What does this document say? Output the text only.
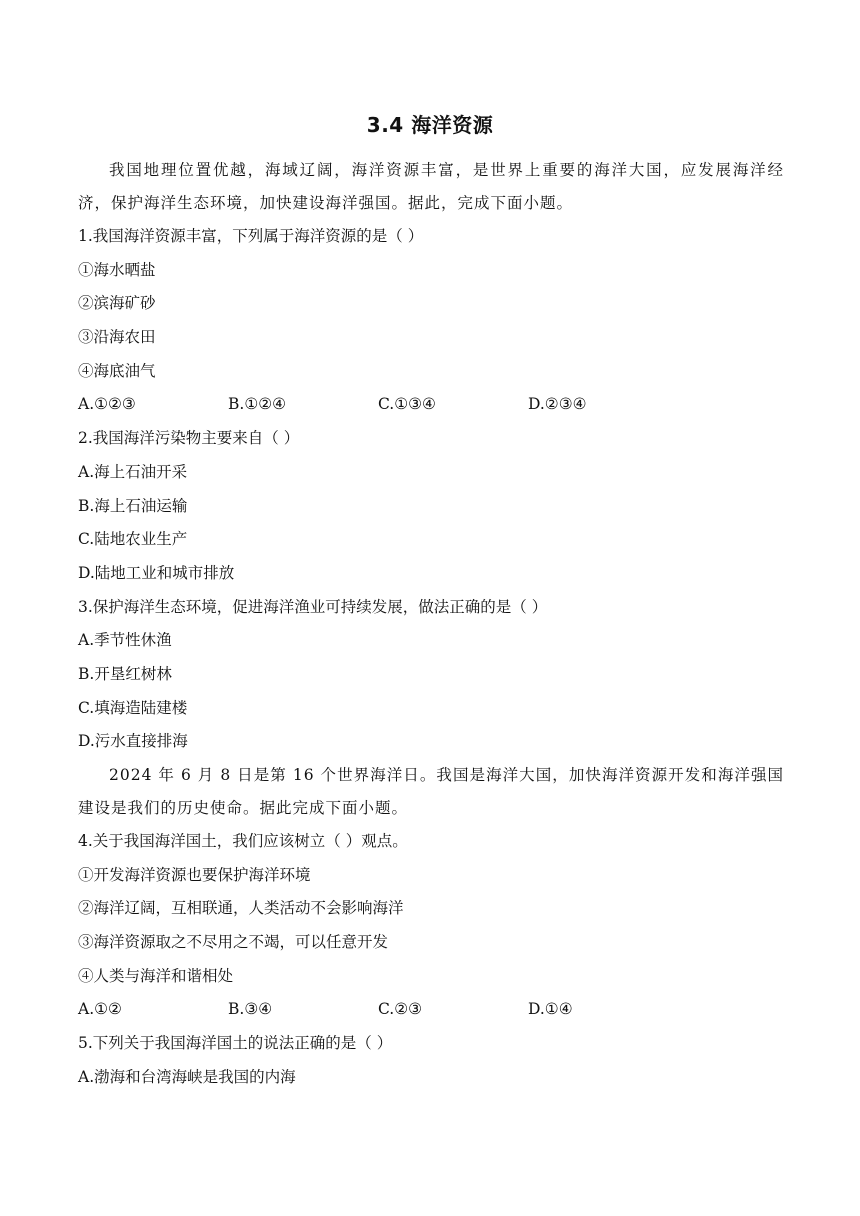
3.4 海洋资源

我国地理位置优越，海域辽阔，海洋资源丰富，是世界上重要的海洋大国，应发展海洋经济，保护海洋生态环境，加快建设海洋强国。据此，完成下面小题。

1.我国海洋资源丰富，下列属于海洋资源的是（ ）
①海水晒盐
②滨海矿砂
③沿海农田
④海底油气
A.①②③	B.①②④	C.①③④	D.②③④
2.我国海洋污染物主要来自（ ）
A.海上石油开采
B.海上石油运输
C.陆地农业生产
D.陆地工业和城市排放
3.保护海洋生态环境，促进海洋渔业可持续发展，做法正确的是（ ）
A.季节性休渔
B.开垦红树林
C.填海造陆建楼
D.污水直接排海

2024 年 6 月 8 日是第 16 个世界海洋日。我国是海洋大国，加快海洋资源开发和海洋强国建设是我们的历史使命。据此完成下面小题。

4.关于我国海洋国土，我们应该树立（ ）观点。
①开发海洋资源也要保护海洋环境
②海洋辽阔，互相联通，人类活动不会影响海洋
③海洋资源取之不尽用之不竭，可以任意开发
④人类与海洋和谐相处
A.①②	B.③④	C.②③	D.①④
5.下列关于我国海洋国土的说法正确的是（ ）
A.渤海和台湾海峡是我国的内海
